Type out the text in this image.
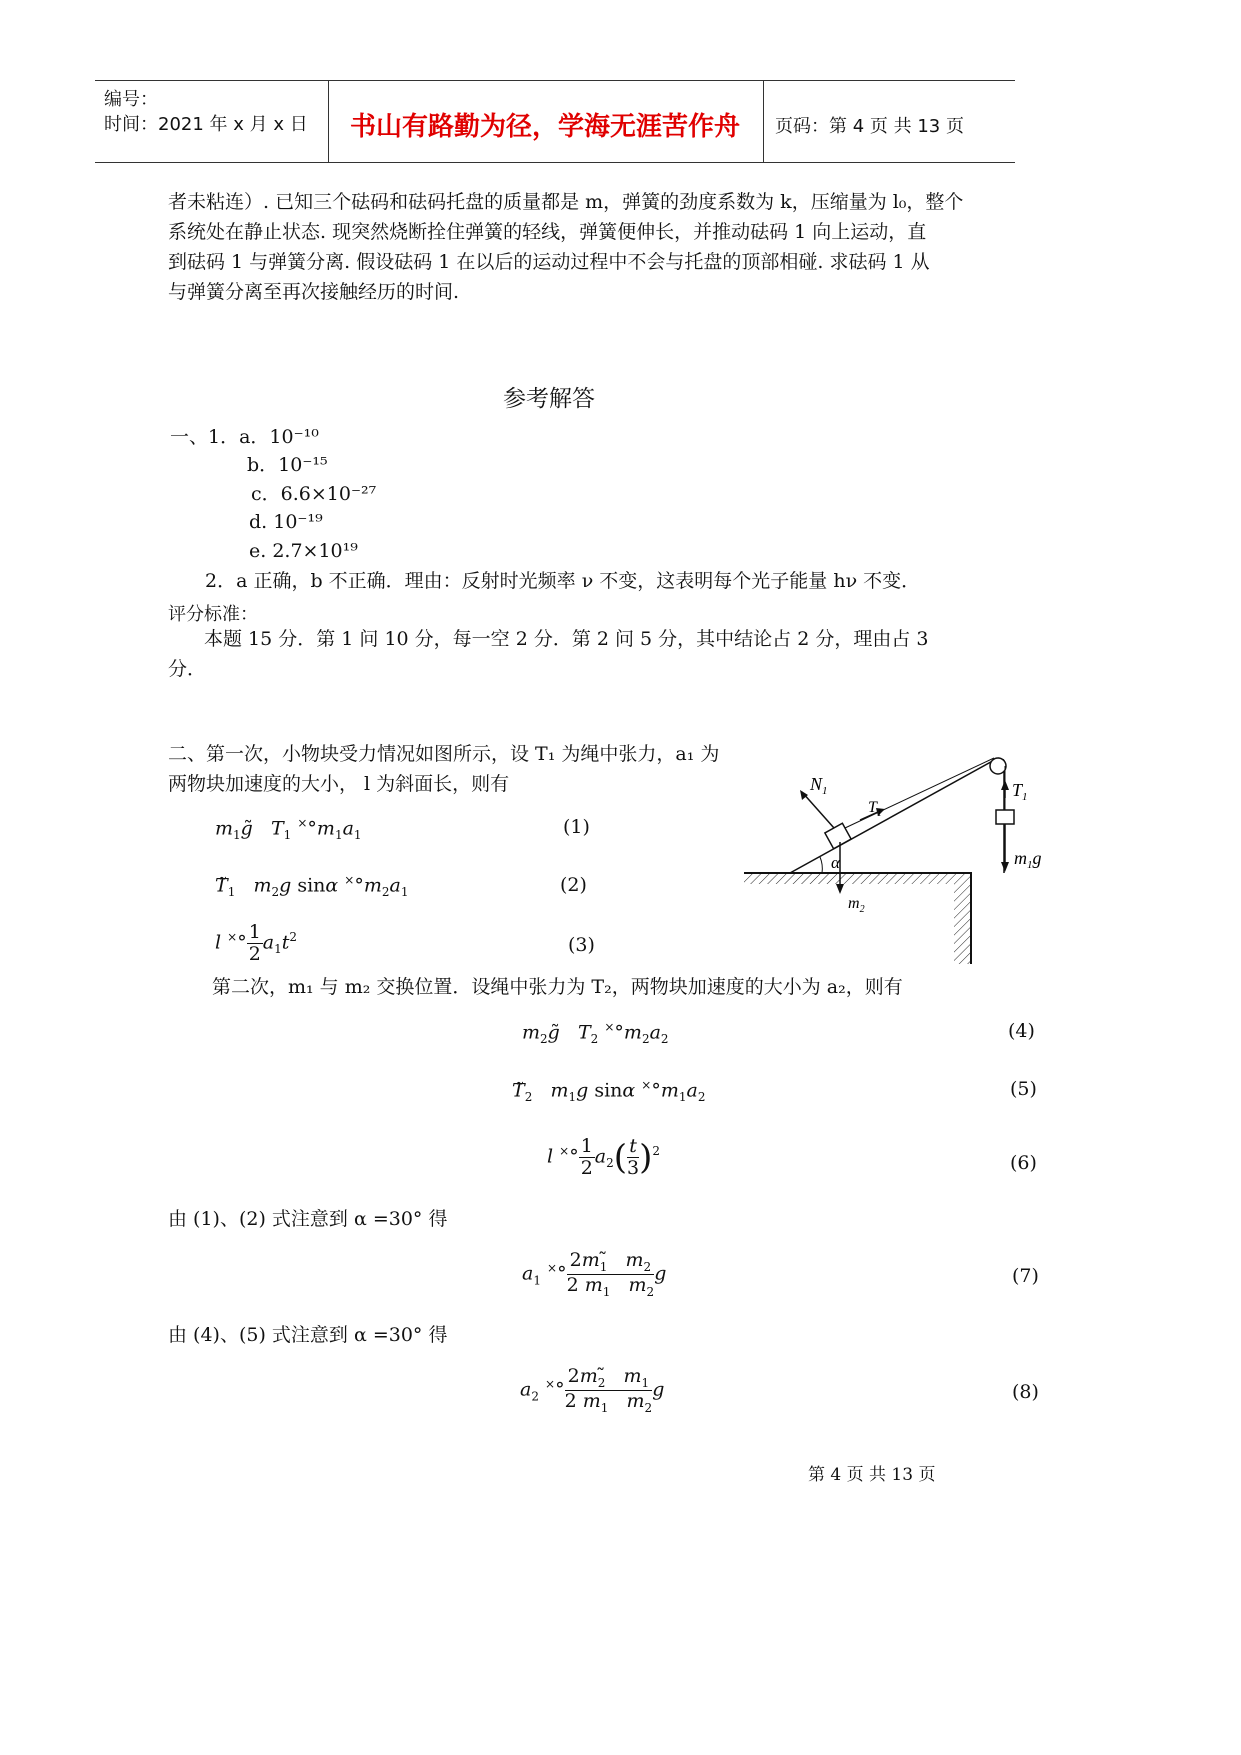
编号：
时间：2021 年 x 月 x 日 书山有路勤为径，学海无涯苦作舟 页码：第 4 页 共 13 页
者未粘连）. 已知三个砝码和砝码托盘的质量都是 m，弹簧的劲度系数为 k，压缩量为 l₀，整个
系统处在静止状态. 现突然烧断拴住弹簧的轻线，弹簧便伸长，并推动砝码 1 向上运动，直
到砝码 1 与弹簧分离. 假设砝码 1 在以后的运动过程中不会与托盘的顶部相碰. 求砝码 1 从
与弹簧分离至再次接触经历的时间.
参考解答
一、1．a．10⁻¹⁰
b．10⁻¹⁵
c．6.6×10⁻²⁷
d. 10⁻¹⁹
e. 2.7×10¹⁹
2．a 正确，b 不正确．理由：反射时光频率 ν 不变，这表明每个光子能量 hν 不变．
评分标准：
本题 15 分．第 1 问 10 分，每一空 2 分．第 2 问 5 分，其中结论占 2 分，理由占 3
分．
二、第一次，小物块受力情况如图所示，设 T₁ 为绳中张力，a₁ 为
两物块加速度的大小， l 为斜面长，则有
$m_1g̃$   $T_1$ $^\times^\circ m_1a_1$	(1)
$T_1$ $m_2g$ sinα $^\times^\circ m_2a_1$	(2)
l $^\times^\circ \frac{1}{2} a_1t^2$	(3)
$N_1$
$T_1$
$T_1$
$m_1g$
α
$m_2$
第二次，m₁ 与 m₂ 交换位置．设绳中张力为 T₂，两物块加速度的大小为 a₂，则有
$m_2g̃$   $T_2$ $^\times^\circ m_2a_2$	(4)
$T_2$ $m_1g$ sinα $^\times^\circ m_1a_2$	(5)
l $^\times^\circ \frac{1}{2} a_2( \frac{t}{3} )^2$
(6)
由 (1)、(2) 式注意到 α =30° 得
$a_1$ $^\times^\circ \frac{2m_1̃ m_2}{2 m_1 m_2}$ g	(7)
由 (4)、(5) 式注意到 α =30° 得
$a_2$ $^\times^\circ \frac{2m_2̃ m_1}{2 m_1 m_2}$ g	(8)
第 4 页 共 13 页
